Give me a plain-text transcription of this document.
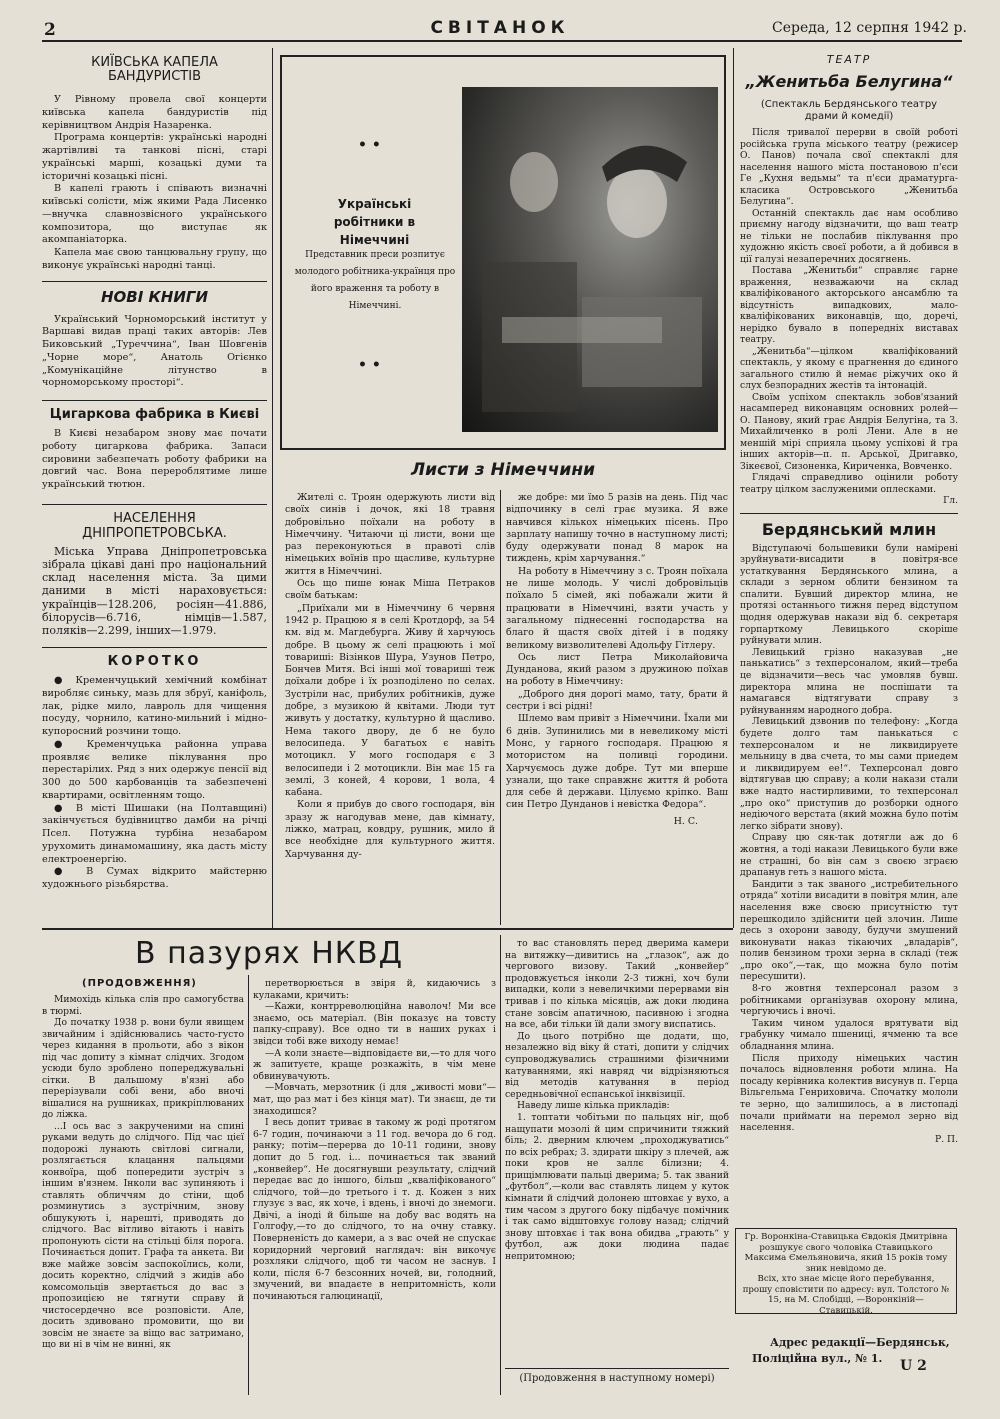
2	СВІТАНОК	Середа, 12 серпня 1942 р.
КИЇВСЬКА КАПЕЛА БАНДУРИСТІВ

У Рівному провела свої концерти київська капела бандуристів під керівництвом Андрія Назаренка.

Програма концертів: українські народні жартівливі та танкові пісні, старі українські марші, козацькі думи та історичні козацькі пісні.

В капелі грають і співають визначні київські солісти, між якими Рада Лисенко—внучка славнозвісного українського композитора, що виступає як акомпаніаторка.

Капела має свою танцювальну групу, що виконує українські народні танці.

НОВІ КНИГИ

Український Чорноморський інститут у Варшаві видав праці таких авторів: Лев Биковський „Туреччина“, Іван Шовгенів „Чорне море“, Анатоль Огієнко „Комунікаційне літунство в чорноморському просторі“.

Цигаркова фабрика в Києві

В Києві незабаром знову має почати роботу цигаркова фабрика. Запаси сировини забезпечать роботу фабрики на довгий час. Вона перероблятиме лише український тютюн.

НАСЕЛЕННЯ ДНІПРОПЕТРОВСЬКА.

Міська Управа Дніпропетровська зібрала цікаві дані про національний склад населення міста. За цими даними в місті нараховується: українців—128.206, росіян—41.886, білорусів—6.716, німців—1.587, поляків—2.299, інших—1.979.

КОРОТКО

● Кременчуцький хемічний комбінат виробляє синьку, мазь для збруї, каніфоль, лак, рідке мило, лавроль для чищення посуду, чорнило, катино-мильний і мідно-купоросний розчини тощо.

● Кременчуцька районна управа проявляє велике піклування про перестарілих. Ряд з них одержує пенсії від 300 до 500 карбованців та забезпечені квартирами, освітленням тощо.

● В місті Шишаки (на Полтавщині) закінчується будівництво дамби на річці Псел. Потужна турбіна незабаром урухомить динамомашину, яка дасть місту електроенергію.

● В Сумах відкрито майстерню художнього різьбярства.

• •
Українські робітники в Німеччині
Представник преси розпитує молодого робітника-українця про його враження та роботу в Німеччині.
• •
Листи з Німеччини

Жителі с. Троян одержують листи від своїх синів і дочок, які 18 травня добровільно поїхали на роботу в Німеччину. Читаючи ці листи, вони ще раз переконуються в правоті слів німецьких воїнів про щасливе, культурне життя в Німеччині.

Ось що пише юнак Міша Петраков своїм батькам:

„Приїхали ми в Німеччину 6 червня 1942 р. Працюю я в селі Кротдорф, за 54 км. від м. Магдебурга. Живу й харчуюсь добре. В цьому ж селі працюють і мої товариші: Візінков Шура, Узунов Петро, Бончев Митя. Всі інші мої товариші теж доїхали добре і їх розподілено по селах. Зустріли нас, прибулих робітників, дуже добре, з музикою й квітами. Люди тут живуть у достатку, культурно й щасливо. Нема такого двору, де б не було велосипеда. У багатьох є навіть мотоцикл. У мого господаря є 3 велосипеди і 2 мотоцикли. Він має 15 га землі, 3 коней, 4 корови, 1 вола, 4 кабана.

Коли я прибув до свого господаря, він зразу ж нагодував мене, дав кімнату, ліжко, матрац, ковдру, рушник, мило й все необхідне для культурного життя. Харчування ду-

же добре: ми їмо 5 разів на день. Під час відпочинку в селі грає музика. Я вже навчився кількох німецьких пісень. Про зарплату напишу точно в наступному листі; буду одержувати понад 8 марок на тиждень, крім харчування.“

На роботу в Німеччину з с. Троян поїхала не лише молодь. У числі добровільців поїхало 5 сімей, які побажали жити й працювати в Німеччині, взяти участь у загальному піднесенні господарства на благо й щастя своїх дітей і в подяку великому визволителеві Адольфу Гітлеру.

Ось лист Петра Миколайовича Дунданова, який разом з дружиною поїхав на роботу в Німеччину:

„Доброго дня дорогі мамо, тату, брати й сестри і всі рідні!

Шлемо вам привіт з Німеччини. Їхали ми 6 днів. Зупинились ми в невеликому місті Монс, у гарного господаря. Працюю я мотористом на поливці городини. Харчуємось дуже добре. Тут ми вперше узнали, що таке справжнє життя й робота для себе й держави. Цілуємо кріпко. Ваш син Петро Дунданов і невістка Федора“.

Н. С.
ТЕАТР
„Женитьба Белугина“
(Спектакль Бердянського театру драми й комедії)

Після тривалої перерви в своїй роботі російська група міського театру (режисер О. Панов) почала свої спектаклі для населення нашого міста постановою п'єси Ге „Кухня ведьмы“ та п'єси драматурга-класика Островського „Женитьба Белугина“.

Останній спектакль дає нам особливо приємну нагоду відзначити, що ваш театр не тільки не послабив піклування про художню якість своєї роботи, а й добився в ції галузі незаперечних досягнень.

Постава „Женитьби“ справляє гарне враження, незважаючи на склад кваліфікованого акторського ансамблю та відсутність випадкових, мало-кваліфікованих виконавців, що, доречі, нерідко бувало в попередніх виставах театру.

„Женитьба“—цілком кваліфікований спектакль, у якому є прагнення до єдиного загального стилю й немає ріжучих око й слух безпорадних жестів та інтонацій.

Своїм успіхом спектакль зобов'язаний насамперед виконавцям основних ролей—О. Панову, який грає Андрія Белугіна, та З. Михайличенко в ролі Лени. Але в не меншій мірі сприяла цьому успіхові й гра інших акторів—п. п. Арської, Дригавко, Зікеєвої, Сизоненка, Кириченка, Вовченко.

Глядачі справедливо оцінили роботу театру цілком заслуженими оплесками.

Гл.
Бердянський млин

Відступаючі большевики були намірені зруйнувати-висадити в повітря-все устаткування Бердянського млина, а склади з зерном облити бензином та спалити. Бувший директор млина, не протязі останнього тижня перед відступом щодня одержував накази від б. секретаря горпарткому Левицького скоріше руйнувати млин.

Левицький грізно наказував „не панькатись“ з техперсоналом, який—треба це відзначити—весь час умовляв бувш. директора млина не поспішати та намагався відтягувати справу з руйнуванням народного добра.

Левицький дзвонив по телефону: „Когда будете долго там панькаться с техперсоналом и не ликвидируете мельницу в два счета, то мы сами приедем и ликвидируем ее!“. Техперсонал довго відтягував цю справу; а коли накази стали вже надто настирливими, то техперсонал „про око“ приступив до розборки одного недіючого верстата (який можна було потім легко зібрати знову).

Справу цю сяк-так дотягли аж до 6 жовтня, а тоді накази Левицького були вже не страшні, бо він сам з своєю зграєю драпанув геть з нашого міста.

Бандити з так званого „истребительного отряда“ хотіли висадити в повітря млин, але населення вже своєю присутністю тут перешкодило здійснити цей злочин. Лише десь з охорони заводу, будучи змушений виконувати наказ тікаючих „владарів“, полив бензином трохи зерна в складі (теж „про око“,—так, що можна було потім пересушити).

8-го жовтня техперсонал разом з робітниками організував охорону млина, чергуючись і вночі.

Таким чином удалося врятувати від грабунку чимало пшениці, ячменю та все обладнання млина.

Після приходу німецьких частин почалось відновлення роботи млина. На посаду керівника колектив висунув п. Герца Вільгельма Генриховича. Спочатку мололи те зерно, що залишилось, а в листопаді почали приймати на перемол зерно від населення.

Р. П.
В пазурях НКВД
(ПРОДОВЖЕННЯ)

Мимохідь кілька слів про самогубства в тюрмі.

До початку 1938 р. вони були явищем звичайним і здійснювались часто-густо через кидання в прольоти, або з вікон під час допиту з кімнат слідчих. Згодом усюди було зроблено попереджувальні сітки. В дальшому в'язні або перерізували собі вени, або вночі вішалися на рушниках, прикріплюваних до ліжка.

...І ось вас з закрученими на спині руками ведуть до слідчого. Під час цієї подорожі лунають світлові сигнали, розлягається клацання пальцями конвоїра, щоб попередити зустріч з іншим в'язнем. Інколи вас зупиняють і ставлять обличчям до стіни, щоб розминутись з зустрічним, знову обшукують і, нарешті, приводять до слідчого. Вас вітливо вітають і навіть пропонують сісти на стільці біля порога. Починається допит. Графа та анкета. Ви вже майже зовсім заспокоїлись, коли, досить коректно, слідчий з жидів або комсомольців звертається до вас з пропозицією не тягнути справу й чистосердечно все розповісти. Але, досить здивовано промовити, що ви зовсім не знаєте за віщо вас затримано, що ви ні в чім не винні, як

перетворюється в звіря й, кидаючись з кулаками, кричить:

—Кажи, контрреволюційна наволоч! Ми все знаємо, ось матеріал. (Він показує на товсту папку-справу). Все одно ти в наших руках і звідси тобі вже виходу немає!

—А коли знаєте—відповідаєте ви,—то для чого ж запитуєте, краще розкажіть, в чім мене обвинувачують.

—Мовчать, мерзотник (і для „живості мови“—мат, що раз мат і без кінця мат). Ти знаєш, де ти знаходишся?

І весь допит триває в такому ж роді протягом 6-7 годин, починаючи з 11 год. вечора до 6 год. ранку; потім—перерва до 10-11 години, знову допит до 5 год. і... починається так званий „конвейер“. Не досягнувши результату, слідчий передає вас до іншого, більш „кваліфікованого“ слідчого, той—до третього і т. д. Кожен з них глузує з вас, як хоче, і вдень, і вночі до знемоги. Двічі, а іноді й більше на добу вас водять на Голгофу,—то до слідчого, то на очну ставку. Поверненість до камери, а з вас очей не спускає коридорний черговий наглядач: він викочує розхляки слідчого, щоб ти часом не заснув. І коли, після 6-7 безсонних ночей, ви, голодний, змучений, ви впадаєте в непритомність, коли починаються галюцинації,

то вас становлять перед дверима камери на витяжку—дивитись на „глазок“, аж до чергового визову. Такий „конвейер“ продовжується інколи 2-3 тижні, хоч були випадки, коли з невеличкими перервами він тривав і по кілька місяців, аж доки людина стане зовсім апатичною, пасивною і згодна на все, аби тільки їй дали змогу виспатись.

До цього потрібно ще додати, що, незалежно від віку й статі, допити у слідчих супроводжувались страшними фізичними катуваннями, які навряд чи відрізняються від методів катування в період середньовічної еспанської інквізиції.

Наведу лише кілька прикладів:

1. топтати чобітьми по пальцях ніг, щоб нащупати мозолі й цим спричинити тяжкий біль; 2. дверним ключем „проходжуватись“ по всіх ребрах; 3. здирати шкіру з плечей, аж поки кров не заллє білизни; 4. прищімлювати пальці дверима; 5. так званий „футбол“,—коли вас ставлять лицем у куток кімнати й слідчий долонею штовхає у вухо, а тим часом з другого боку підбачує помічник і так само відштовхує голову назад; слідчий знову штовхає і так вона обидва „грають“ у футбол, аж доки людина падає непритомною;

(Продовження в наступному номері)
Гр. Воронкіна-Ставицька Євдокія Дмитрівна розшукує свого чоловіка Ставицького Максима Ємельяновича, який 15 років тому зник невідомо де.
Всіх, хто знає місце його перебування, прошу сповістити по адресу: вул. Толстого № 15, на М. Слобідці, —Воронкіній—Ставицькій.
Адрес редакції—Бердянськ,
Поліційна вул., № 1. U 2
